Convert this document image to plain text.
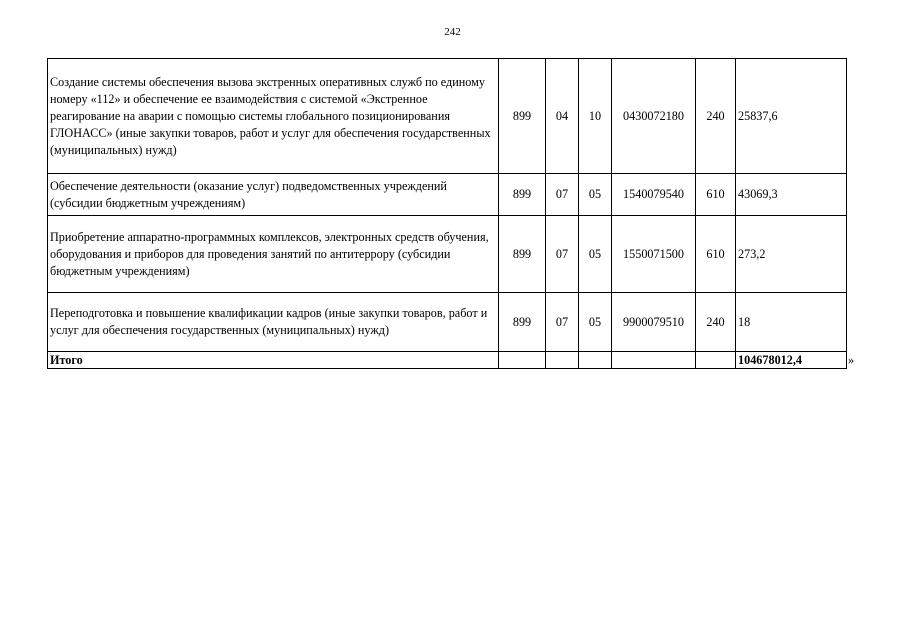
242
Создание системы обеспечения вызова экстренных оперативных служб по единому номеру «112» и обеспечение ее взаимодействия с системой «Экстренное реагирование на аварии с помощью системы глобального позиционирования ГЛОНАСС» (иные закупки товаров, работ и услуг для обеспечения государственных (муниципальных) нужд)	899	04	10	0430072180	240	25837,6
Обеспечение деятельности (оказание услуг) подведомственных учреждений (субсидии бюджетным учреждениям)	899	07	05	1540079540	610	43069,3
Приобретение аппаратно-программных комплексов, электронных средств обучения, оборудования и приборов для проведения занятий по антитеррору (субсидии бюджетным учреждениям)	899	07	05	1550071500	610	273,2
Переподготовка и повышение квалификации кадров (иные закупки товаров, работ и услуг для обеспечения государственных (муниципальных) нужд)	899	07	05	9900079510	240	18
Итого						104678012,4	»
